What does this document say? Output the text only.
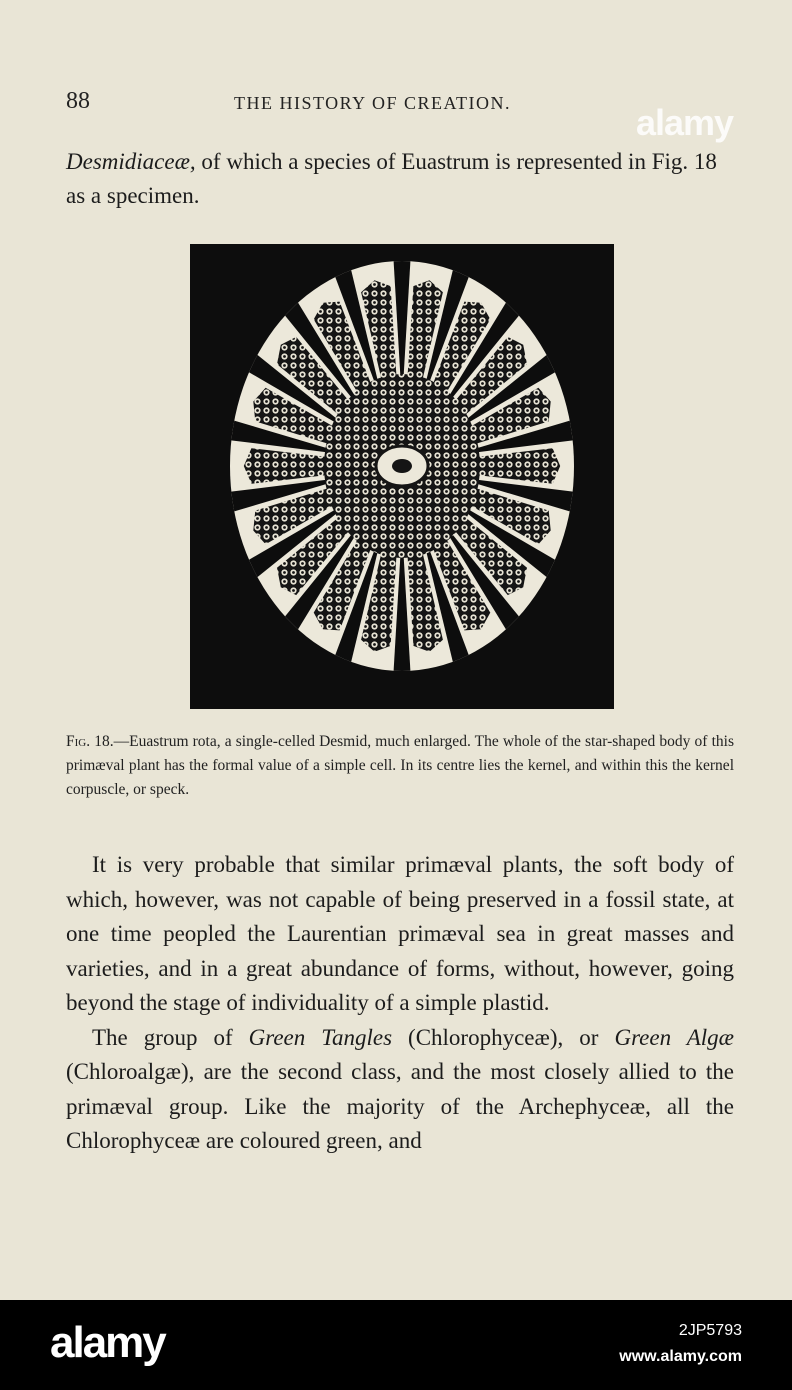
88	THE HISTORY OF CREATION.	alamy
Desmidiaceæ, of which a species of Euastrum is represented in Fig. 18 as a specimen.
Fig. 18.—Euastrum rota, a single-celled Desmid, much enlarged. The whole of the star-shaped body of this primæval plant has the formal value of a simple cell. In its centre lies the kernel, and within this the kernel corpuscle, or speck.

It is very probable that similar primæval plants, the soft body of which, however, was not capable of being preserved in a fossil state, at one time peopled the Laurentian primæval sea in great masses and varieties, and in a great abundance of forms, without, however, going beyond the stage of individuality of a simple plastid.

The group of Green Tangles (Chlorophyceæ), or Green Algæ (Chloroalgæ), are the second class, and the most closely allied to the primæval group. Like the majority of the Archephyceæ, all the Chlorophyceæ are coloured green, and

alamy	2JP5793
www.alamy.com
